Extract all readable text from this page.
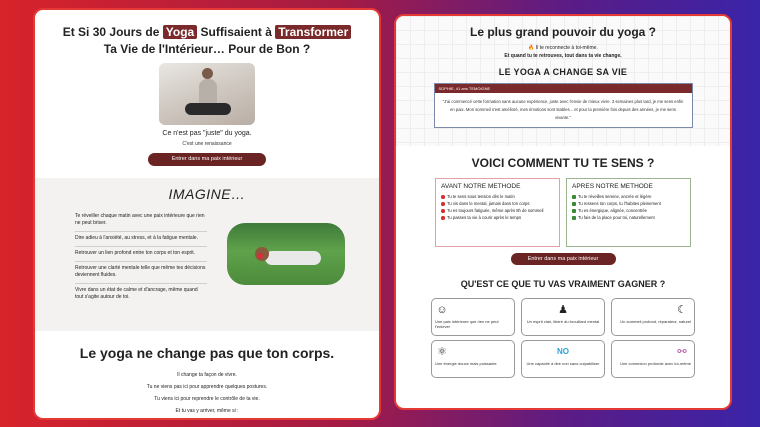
Et Si 30 Jours de Yoga Suffisaient à Transformer
Ta Vie de l'Intérieur… Pour de Bon ?
Ce n'est pas "juste" du yoga.
C'est une renaissance
Entrer dans ma paix intérieur
IMAGINE…
Te réveiller chaque matin avec une paix intérieure que rien ne peut briser.
Dire adieu à l'anxiété, au stress, et à la fatigue mentale.
Retrouver un lien profond entre ton corps et ton esprit.
Retrouver une clarté mentale telle que même tes décisions deviennent fluides.
Vivre dans un état de calme et d'ancrage, même quand tout s'agite autour de toi.
Le yoga ne change pas que ton corps.

Il change ta façon de vivre.

Tu ne viens pas ici pour apprendre quelques postures.

Tu viens ici pour reprendre le contrôle de ta vie.

Et tu vas y arriver, même si :

Le plus grand pouvoir du yoga ?
🔥 Il te reconnecte à toi-même.
Et quand tu te retrouves, tout dans ta vie change.
LE YOGA A CHANGE SA VIE
SOPHIE, 41 ans TEMOIGNE
"J'ai commencé cette formation sans aucune expérience, juste avec l'envie de mieux vivre. 3 semaines plus tard, je me sens enfin en paix. Mon sommeil s'est amélioré, mes émotions sont stables... et pour la première fois depuis des années, je me sens vivante."
VOICI COMMENT TU TE SENS ?
AVANT NOTRE METHODE
Tu te sens sous tension dès le matin
Tu vis dans le mental, jamais dans ton corps
Tu es toujours fatiguée, même après 8h de sommeil
Tu passes ta vie à courir après le temps
APRES NOTRE METHODE
Tu te réveilles sereine, ancrée et légère
Tu ressens ton corps, tu l'habites pleinement
Tu es énergique, alignée, concentrée
Tu fais de la place pour toi, naturellement
Entrer dans ma paix intérieur
QU'EST CE QUE TU VAS VRAIMENT GAGNER ?
☺
Une paix intérieure que rien ne peut t'enlever
♟
Un esprit clair, libéré du brouillard mental
☾
Un sommeil profond, réparateur, naturel
⚛
Une énergie douce mais puissante
NO
Une capacité à dire non sans culpabiliser
⚯
Une connexion profonde avec toi-même
